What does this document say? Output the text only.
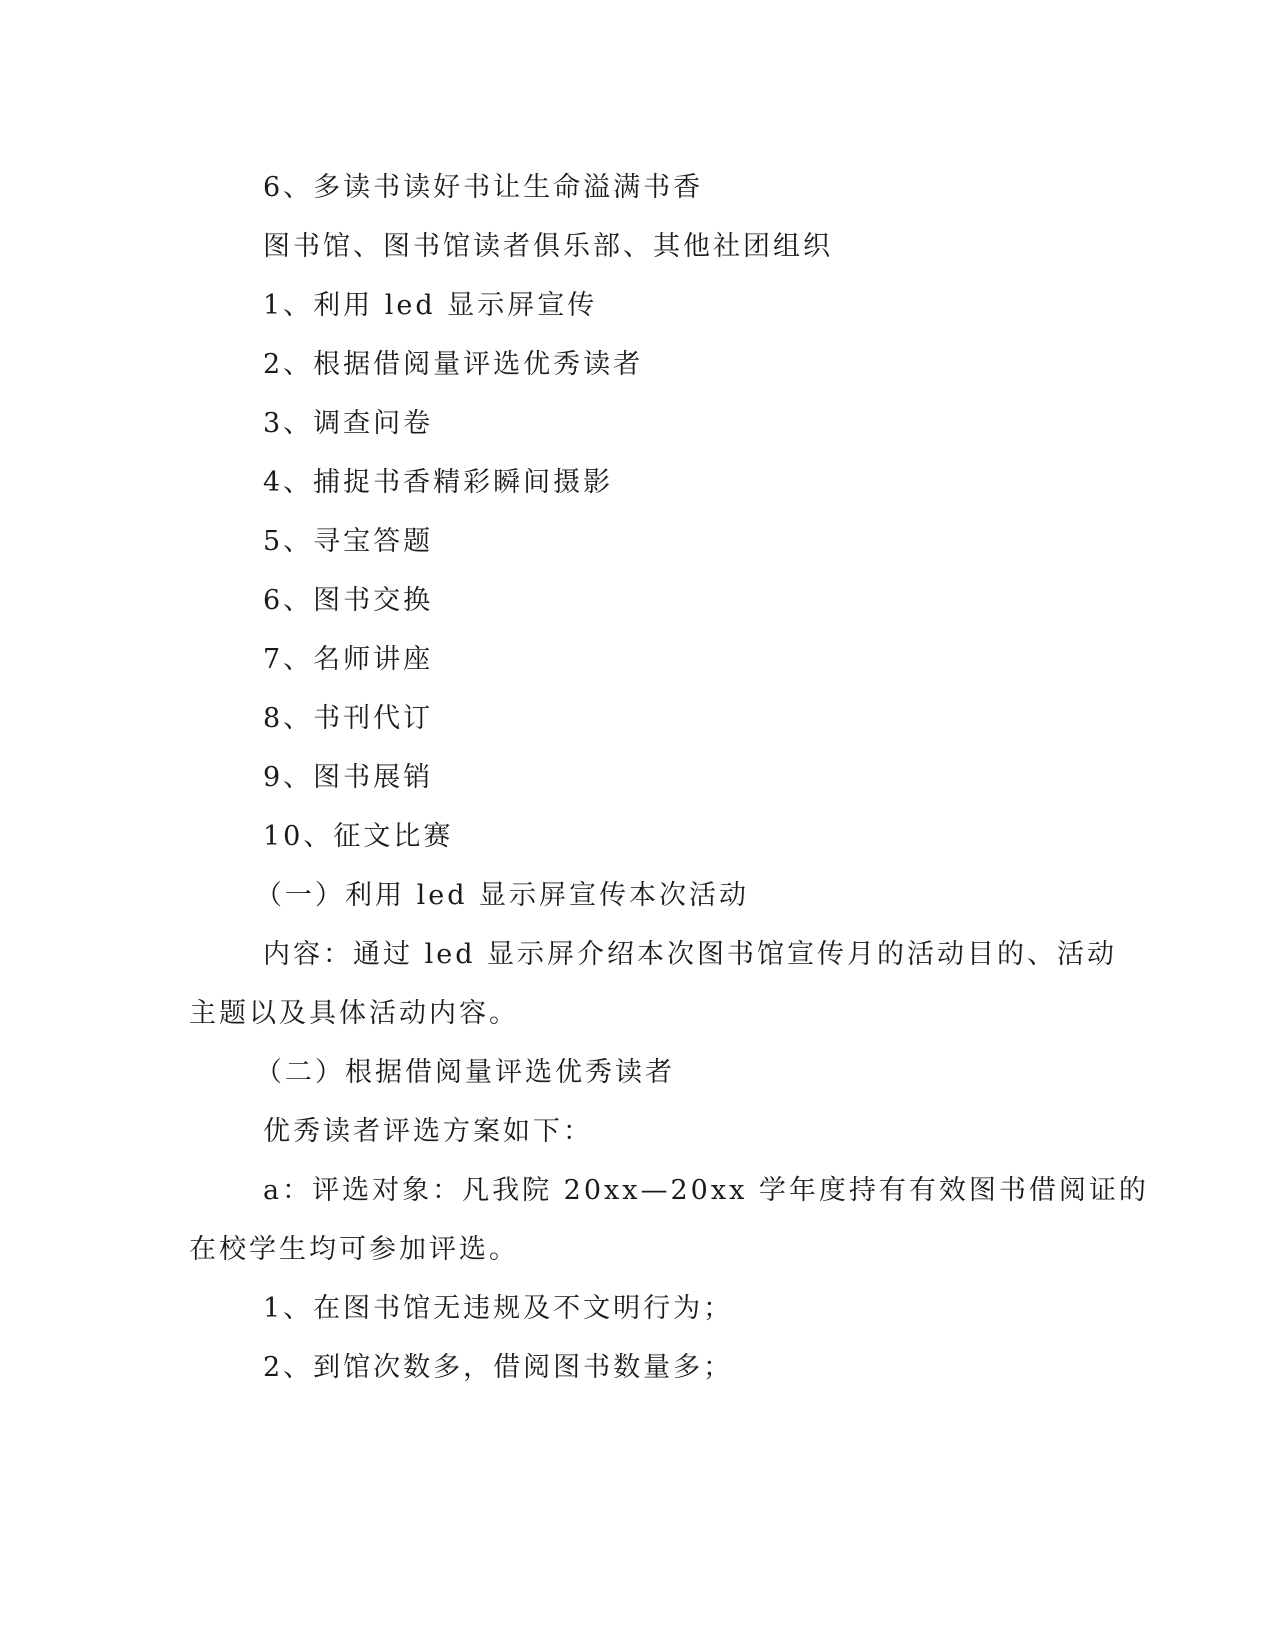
6、多读书读好书让生命溢满书香
图书馆、图书馆读者俱乐部、其他社团组织
1、利用 led 显示屏宣传
2、根据借阅量评选优秀读者
3、调查问卷
4、捕捉书香精彩瞬间摄影
5、寻宝答题
6、图书交换
7、名师讲座
8、书刊代订
9、图书展销
10、征文比赛
（一）利用 led 显示屏宣传本次活动
内容：通过 led 显示屏介绍本次图书馆宣传月的活动目的、活动
主题以及具体活动内容。
（二）根据借阅量评选优秀读者
优秀读者评选方案如下：
a：评选对象：凡我院 20xx—20xx 学年度持有有效图书借阅证的
在校学生均可参加评选。
1、在图书馆无违规及不文明行为；
2、到馆次数多，借阅图书数量多；
